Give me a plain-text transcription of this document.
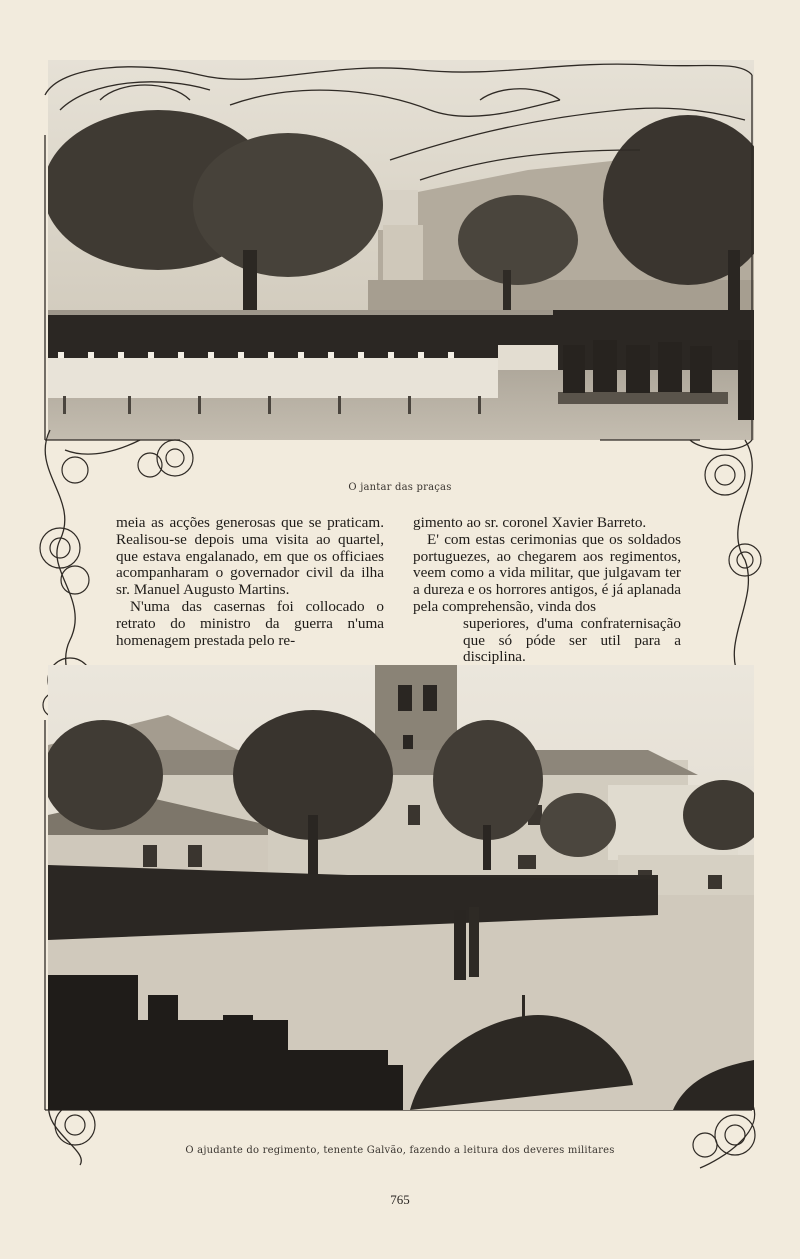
O jantar das praças

meia as acções generosas que se praticam. Realisou-se depois uma visita ao quartel, que estava engalanado, em que os officiaes acompanharam o governador civil da ilha sr. Manuel Augusto Martins.

N'uma das casernas foi collocado o retrato do ministro da guerra n'uma homenagem prestada pelo re-

gimento ao sr. coronel Xavier Barreto.

E' com estas cerimonias que os soldados portuguezes, ao chegarem aos regimentos, veem como a vida militar, que julgavam ter a dureza e os horrores antigos, é já aplanada pela comprehensão, vinda dos

superiores, d'uma confraternisação que só póde ser util para a disciplina.

O ajudante do regimento, tenente Galvão, fazendo a leitura dos deveres militares
765
